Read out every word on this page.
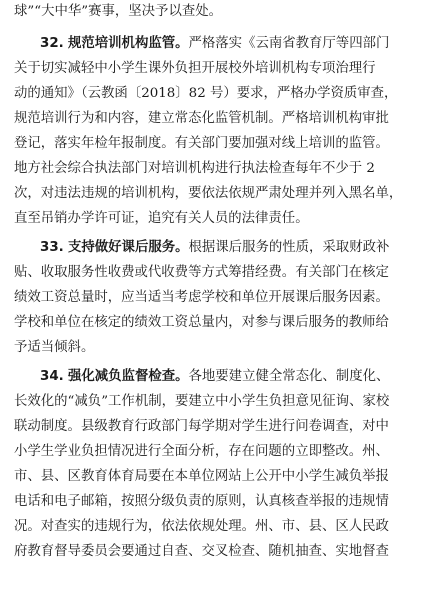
球”“大中华”赛事，坚决予以查处。
32. 规范培训机构监管。严格落实《云南省教育厅等四部门
关于切实减轻中小学生课外负担开展校外培训机构专项治理行
动的通知》（云教函〔2018〕82 号）要求，严格办学资质审查，
规范培训行为和内容，建立常态化监管机制。严格培训机构审批
登记，落实年检年报制度。有关部门要加强对线上培训的监管。
地方社会综合执法部门对培训机构进行执法检查每年不少于 2
次，对违法违规的培训机构，要依法依规严肃处理并列入黑名单，
直至吊销办学许可证，追究有关人员的法律责任。
33. 支持做好课后服务。根据课后服务的性质，采取财政补
贴、收取服务性收费或代收费等方式筹措经费。有关部门在核定
绩效工资总量时，应当适当考虑学校和单位开展课后服务因素。
学校和单位在核定的绩效工资总量内，对参与课后服务的教师给
予适当倾斜。
34. 强化减负监督检查。各地要建立健全常态化、制度化、
长效化的“减负”工作机制，要建立中小学生负担意见征询、家校
联动制度。县级教育行政部门每学期对学生进行问卷调查，对中
小学生学业负担情况进行全面分析，存在问题的立即整改。州、
市、县、区教育体育局要在本单位网站上公开中小学生减负举报
电话和电子邮箱，按照分级负责的原则，认真核查举报的违规情
况。对查实的违规行为，依法依规处理。州、市、县、区人民政
府教育督导委员会要通过自查、交叉检查、随机抽查、实地督查
